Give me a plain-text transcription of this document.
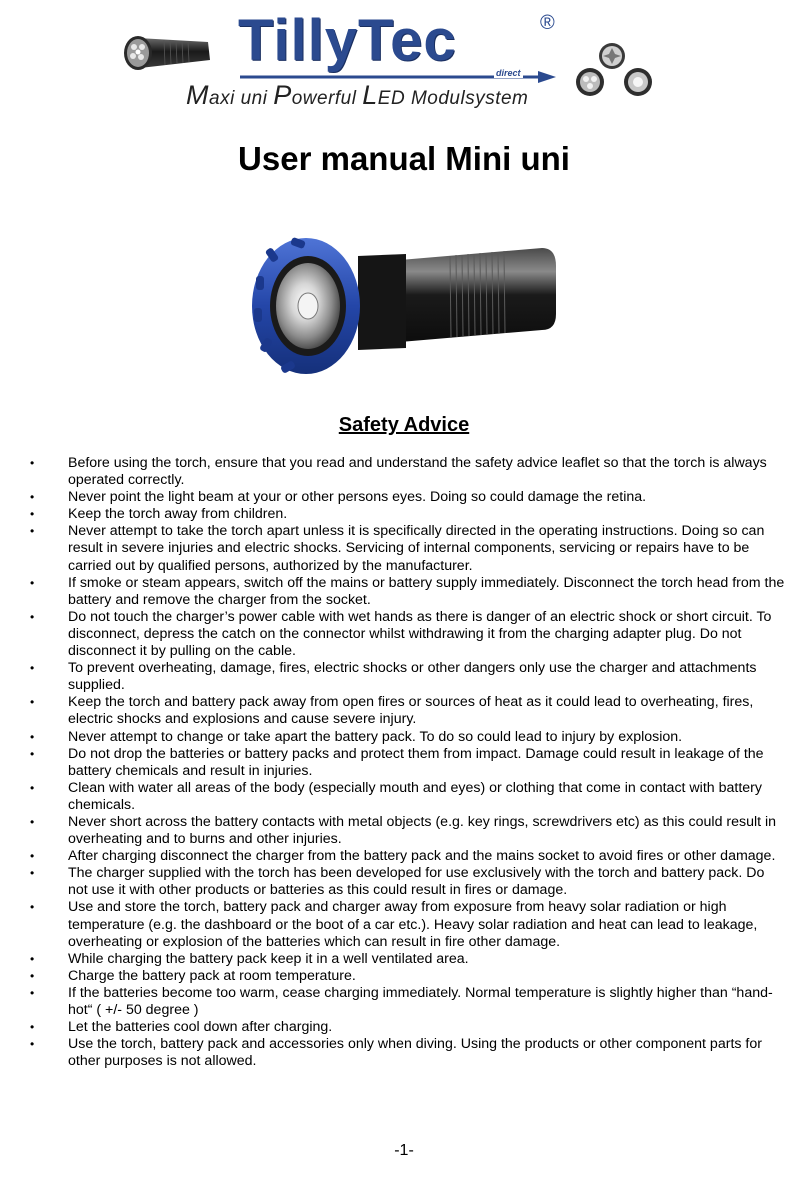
TillyTec	®
direct
Maxi uni Powerful LED Modulsystem
User manual Mini uni
Safety Advice
• Before using the torch, ensure that you read and understand the safety advice leaflet so that the torch is always operated correctly.
• Never point the light beam at your or other persons eyes. Doing so could damage the retina.
• Keep the torch away from children.
• Never attempt to take the torch apart unless it is specifically directed in the operating instructions. Doing so can result in severe injuries and electric shocks. Servicing of internal components, servicing or repairs have to be carried out by qualified persons, authorized by the manufacturer.
• If smoke or steam appears, switch off the mains or battery supply immediately. Disconnect the torch head from the battery and remove the charger from the socket.
• Do not touch the charger’s power cable with wet hands as there is danger of an electric shock or short circuit. To disconnect, depress the catch on the connector whilst withdrawing it from the charging adapter plug. Do not disconnect it by pulling on the cable.
• To prevent overheating, damage, fires, electric shocks or other dangers only use the charger and attachments supplied.
• Keep the torch and battery pack away from open fires or sources of heat as it could lead to overheating, fires, electric shocks and explosions and cause severe injury.
• Never attempt to change or take apart the battery pack. To do so could lead to injury by explosion.
• Do not drop the batteries or battery packs and protect them from impact. Damage could result in leakage of the battery chemicals and result in injuries.
• Clean with water all areas of the body (especially mouth and eyes) or clothing that come in contact with battery chemicals.
• Never short across the battery contacts with metal objects (e.g. key rings, screwdrivers etc) as this could result in overheating and to burns and other injuries.
• After charging disconnect the charger from the battery pack and the mains socket to avoid fires or other damage.
• The charger supplied with the torch has been developed for use exclusively with the torch and battery pack. Do not use it with other products or batteries as this could result in fires or damage.
• Use and store the torch, battery pack and charger away from exposure from heavy solar radiation or high temperature (e.g. the dashboard or the boot of a car etc.). Heavy solar radiation and heat can lead to leakage, overheating or explosion of the batteries which can result in fire other damage.
• While charging the battery pack keep it in a well ventilated area.
• Charge the battery pack at room temperature.
• If the batteries become too warm, cease charging immediately. Normal temperature is slightly higher than “hand-hot“ ( +/- 50 degree )
• Let the batteries cool down after charging.
• Use the torch, battery pack and accessories only when diving. Using the products or other component parts for other purposes is not allowed.
-1-
